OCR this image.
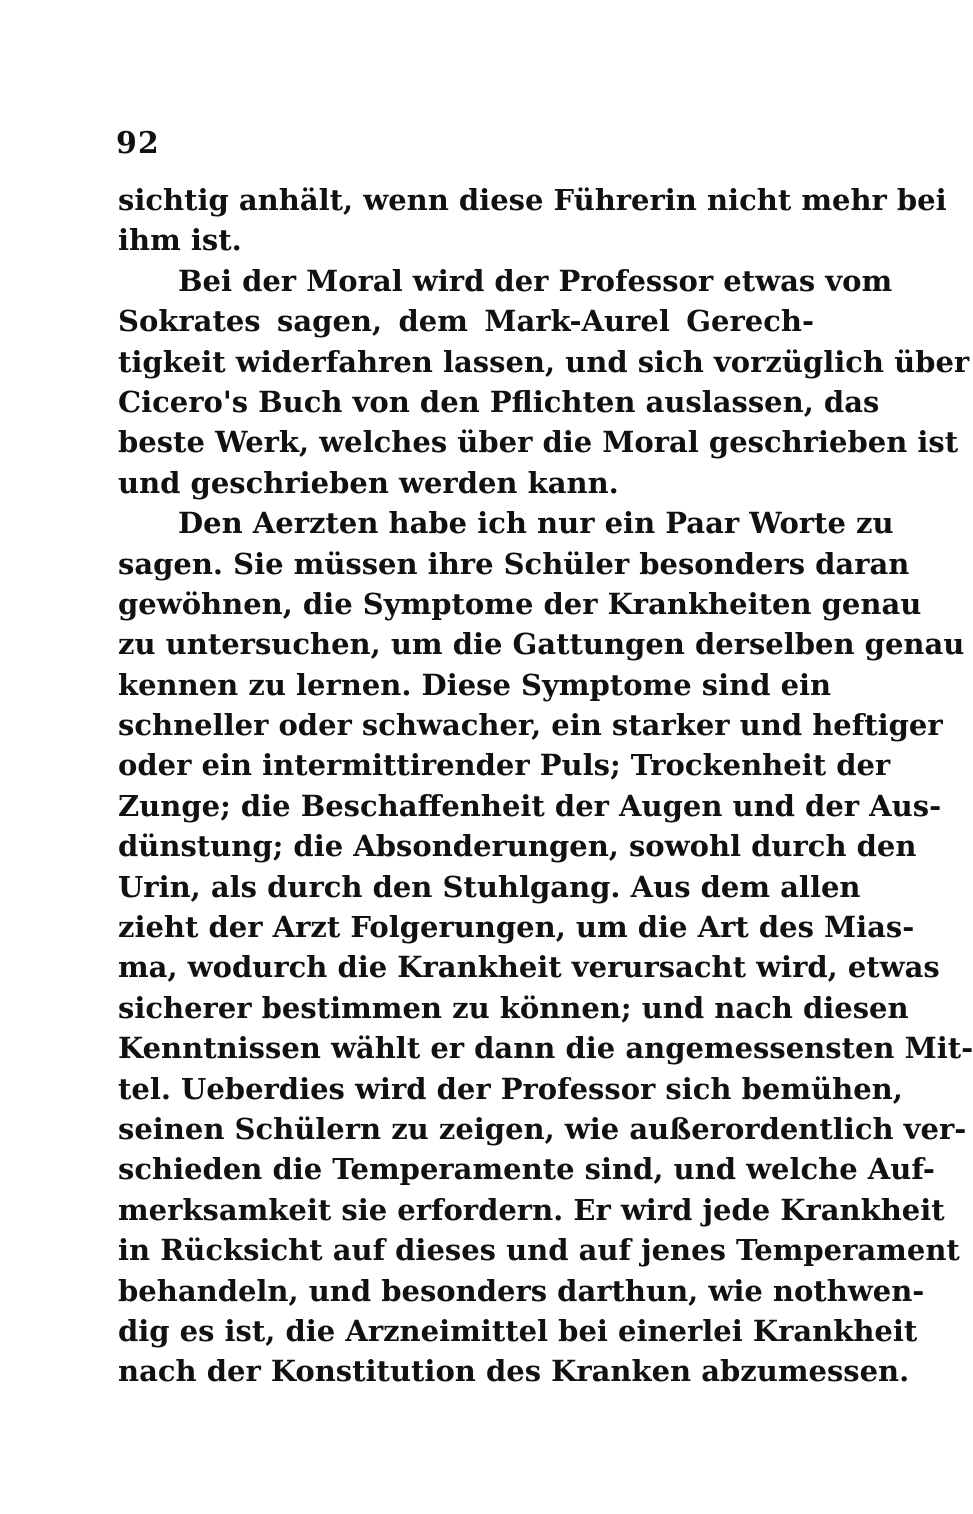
92
sichtig anhält, wenn diese Führerin nicht mehr bei
ihm ist.
Bei der Moral wird der Professor etwas vom
Sokrates sagen, dem Mark-Aurel Gerech-
tigkeit widerfahren lassen, und sich vorzüglich über
Cicero's Buch von den Pflichten auslassen, das
beste Werk, welches über die Moral geschrieben ist
und geschrieben werden kann.
Den Aerzten habe ich nur ein Paar Worte zu
sagen. Sie müssen ihre Schüler besonders daran
gewöhnen, die Symptome der Krankheiten genau
zu untersuchen, um die Gattungen derselben genau
kennen zu lernen. Diese Symptome sind ein
schneller oder schwacher, ein starker und heftiger
oder ein intermittirender Puls; Trockenheit der
Zunge; die Beschaffenheit der Augen und der Aus-
dünstung; die Absonderungen, sowohl durch den
Urin, als durch den Stuhlgang. Aus dem allen
zieht der Arzt Folgerungen, um die Art des Mias-
ma, wodurch die Krankheit verursacht wird, etwas
sicherer bestimmen zu können; und nach diesen
Kenntnissen wählt er dann die angemessensten Mit-
tel. Ueberdies wird der Professor sich bemühen,
seinen Schülern zu zeigen, wie außerordentlich ver-
schieden die Temperamente sind, und welche Auf-
merksamkeit sie erfordern. Er wird jede Krankheit
in Rücksicht auf dieses und auf jenes Temperament
behandeln, und besonders darthun, wie nothwen-
dig es ist, die Arzneimittel bei einerlei Krankheit
nach der Konstitution des Kranken abzumessen.
